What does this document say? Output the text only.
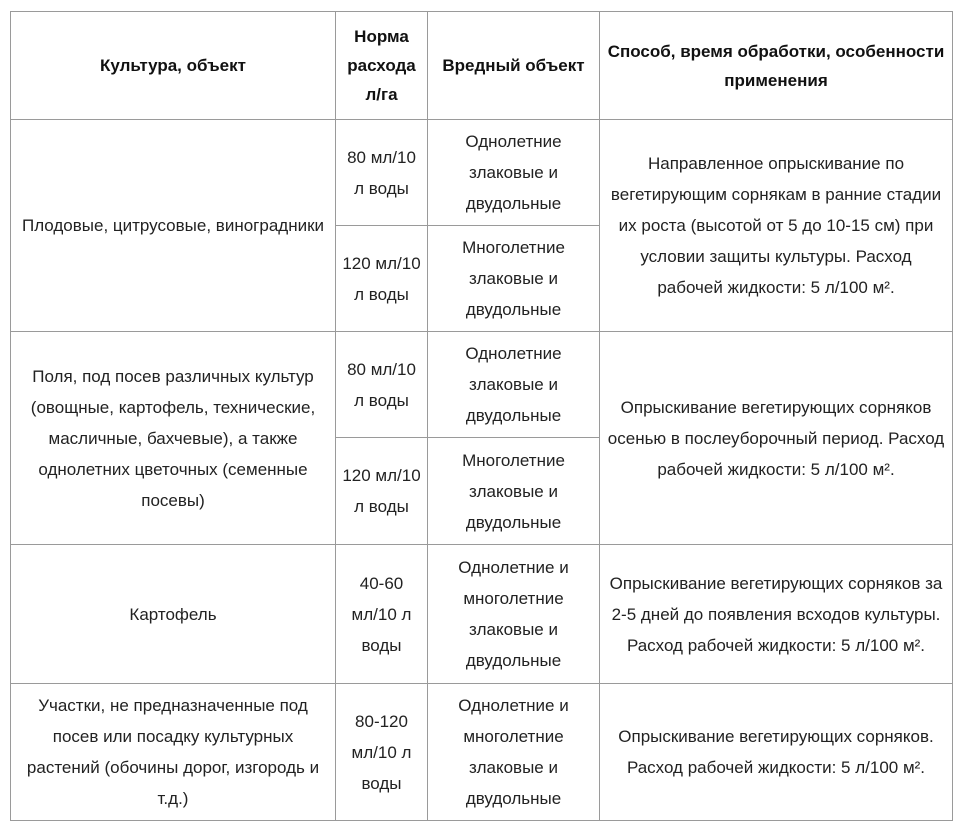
Культура, объект	Норма расхода л/га	Вредный объект	Способ, время обработки, особенности применения
Плодовые, цитрусовые, виноградники	80 мл/10 л воды	Однолетние злаковые и двудольные	Направленное опрыскивание по вегетирующим сорнякам в ранние стадии их роста (высотой от 5 до 10-15 см) при условии защиты культуры. Расход рабочей жидкости: 5 л/100 м².
	120 мл/10 л воды	Многолетние злаковые и двудольные	
Поля, под посев различных культур (овощные, картофель, технические, масличные, бахчевые), а также однолетних цветочных (семенные посевы)	80 мл/10 л воды	Однолетние злаковые и двудольные	Опрыскивание вегетирующих сорняков осенью в послеуборочный период. Расход рабочей жидкости: 5 л/100 м².
	120 мл/10 л воды	Многолетние злаковые и двудольные	
Картофель	40-60 мл/10 л воды	Однолетние и многолетние злаковые и двудольные	Опрыскивание вегетирующих сорняков за 2-5 дней до появления всходов культуры. Расход рабочей жидкости: 5 л/100 м².
Участки, не предназначенные под посев или посадку культурных растений (обочины дорог, изгородь и т.д.)	80-120 мл/10 л воды	Однолетние и многолетние злаковые и двудольные	Опрыскивание вегетирующих сорняков. Расход рабочей жидкости: 5 л/100 м².
